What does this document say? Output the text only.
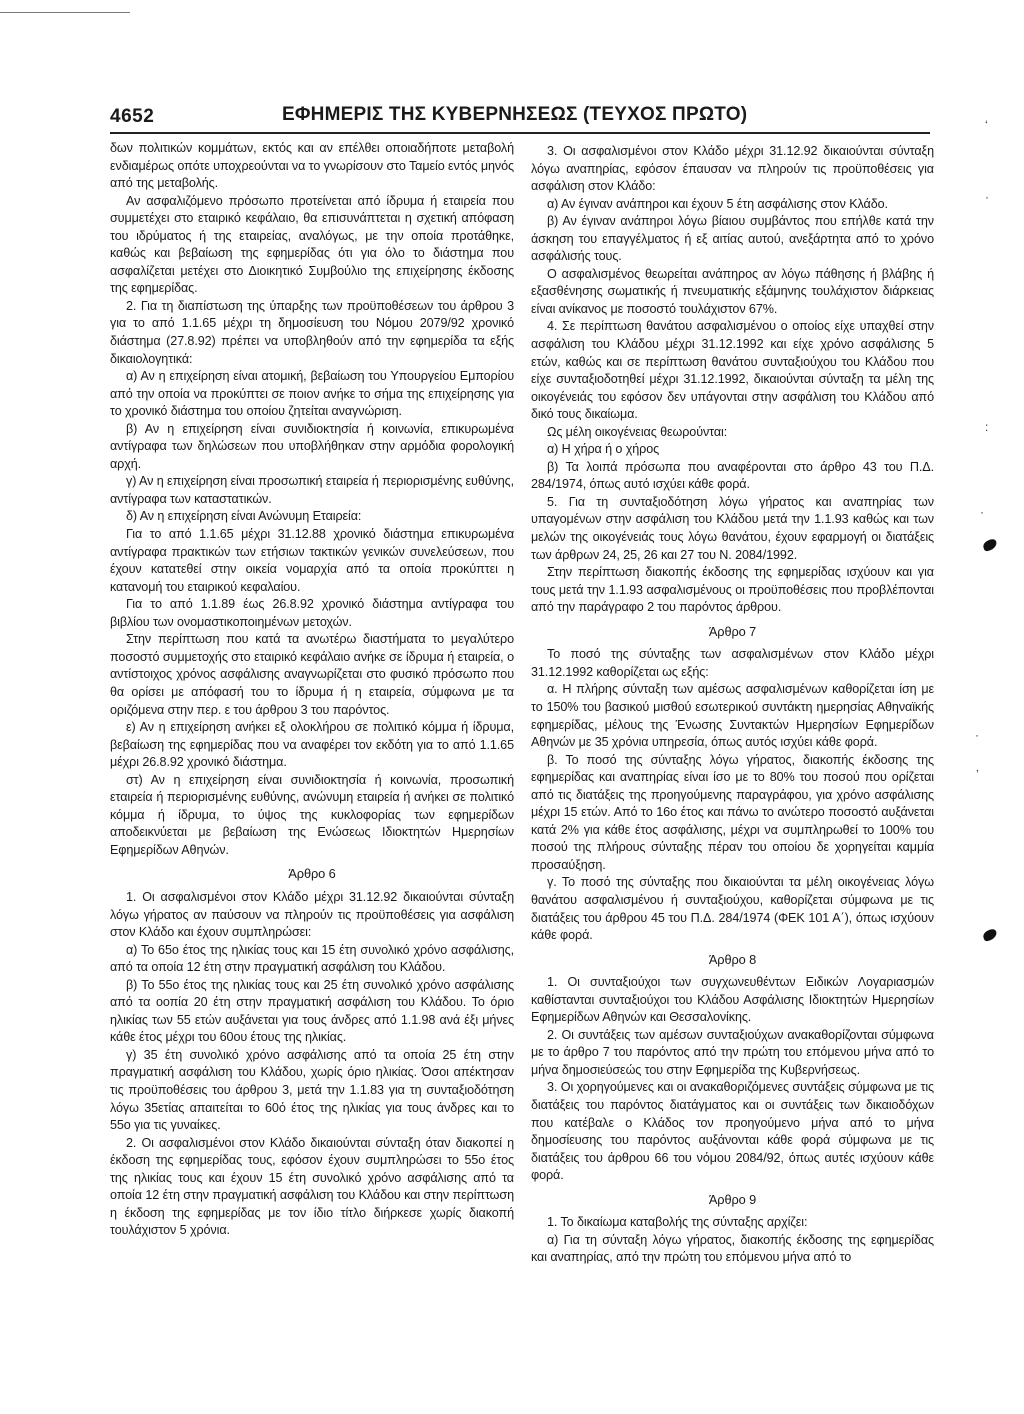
4652	ΕΦΗΜΕΡΙΣ ΤΗΣ ΚΥΒΕΡΝΗΣΕΩΣ (ΤΕΥΧΟΣ ΠΡΩΤΟ)

δων πολιτικών κομμάτων, εκτός και αν επέλθει οποιαδήποτε μεταβολή ενδιαμέρως οπότε υποχρεούνται να το γνωρίσουν στο Ταμείο εντός μηνός από της μεταβολής.

Αν ασφαλιζόμενο πρόσωπο προτείνεται από ίδρυμα ή εταιρεία που συμμετέχει στο εταιρικό κεφάλαιο, θα επισυνάπτεται η σχετική απόφαση του ιδρύματος ή της εταιρείας, αναλόγως, με την οποία προτάθηκε, καθώς και βεβαίωση της εφημερίδας ότι για όλο το διάστημα που ασφαλίζεται μετέχει στο Διοικητικό Συμβούλιο της επιχείρησης έκδοσης της εφημερίδας.

2. Για τη διαπίστωση της ύπαρξης των προϋποθέσεων του άρθρου 3 για το από 1.1.65 μέχρι τη δημοσίευση του Νόμου 2079/92 χρονικό διάστημα (27.8.92) πρέπει να υποβληθούν από την εφημερίδα τα εξής δικαιολογητικά:

α) Αν η επιχείρηση είναι ατομική, βεβαίωση του Υπουργείου Εμπορίου από την οποία να προκύπτει σε ποιον ανήκε το σήμα της επιχείρησης για το χρονικό διάστημα του οποίου ζητείται αναγνώριση.

β) Αν η επιχείρηση είναι συνιδιοκτησία ή κοινωνία, επικυρωμένα αντίγραφα των δηλώσεων που υποβλήθηκαν στην αρμόδια φορολογική αρχή.

γ) Αν η επιχείρηση είναι προσωπική εταιρεία ή περιορισμένης ευθύνης, αντίγραφα των καταστατικών.

δ) Αν η επιχείρηση είναι Ανώνυμη Εταιρεία:

Για το από 1.1.65 μέχρι 31.12.88 χρονικό διάστημα επικυρωμένα αντίγραφα πρακτικών των ετήσιων τακτικών γενικών συνελεύσεων, που έχουν κατατεθεί στην οικεία νομαρχία από τα οποία προκύπτει η κατανομή του εταιρικού κεφαλαίου.

Για το από 1.1.89 έως 26.8.92 χρονικό διάστημα αντίγραφα του βιβλίου των ονομαστικοποιημένων μετοχών.

Στην περίπτωση που κατά τα ανωτέρω διαστήματα το μεγαλύτερο ποσοστό συμμετοχής στο εταιρικό κεφάλαιο ανήκε σε ίδρυμα ή εταιρεία, ο αντίστοιχος χρόνος ασφάλισης αναγνωρίζεται στο φυσικό πρόσωπο που θα ορίσει με απόφασή του το ίδρυμα ή η εταιρεία, σύμφωνα με τα οριζόμενα στην περ. ε του άρθρου 3 του παρόντος.

ε) Αν η επιχείρηση ανήκει εξ ολοκλήρου σε πολιτικό κόμμα ή ίδρυμα, βεβαίωση της εφημερίδας που να αναφέρει τον εκδότη για το από 1.1.65 μέχρι 26.8.92 χρονικό διάστημα.

στ) Αν η επιχείρηση είναι συνιδιοκτησία ή κοινωνία, προσωπική εταιρεία ή περιορισμένης ευθύνης, ανώνυμη εταιρεία ή ανήκει σε πολιτικό κόμμα ή ίδρυμα, το ύψος της κυκλοφορίας των εφημερίδων αποδεικνύεται με βεβαίωση της Ενώσεως Ιδιοκτητών Ημερησίων Εφημερίδων Αθηνών.

Άρθρο 6

1. Οι ασφαλισμένοι στον Κλάδο μέχρι 31.12.92 δικαιούνται σύνταξη λόγω γήρατος αν παύσουν να πληρούν τις προϋποθέσεις για ασφάλιση στον Κλάδο και έχουν συμπληρώσει:

α) Το 65ο έτος της ηλικίας τους και 15 έτη συνολικό χρόνο ασφάλισης, από τα οποία 12 έτη στην πραγματική ασφάλιση του Κλάδου.

β) Το 55ο έτος της ηλικίας τους και 25 έτη συνολικό χρόνο ασφάλισης από τα οοπία 20 έτη στην πραγματική ασφάλιση του Κλάδου. Το όριο ηλικίας των 55 ετών αυξάνεται για τους άνδρες από 1.1.98 ανά έξι μήνες κάθε έτος μέχρι του 60ου έτους της ηλικίας.

γ) 35 έτη συνολικό χρόνο ασφάλισης από τα οποία 25 έτη στην πραγματική ασφάλιση του Κλάδου, χωρίς όριο ηλικίας. Όσοι απέκτησαν τις προϋποθέσεις του άρθρου 3, μετά την 1.1.83 για τη συνταξιοδότηση λόγω 35ετίας απαιτείται το 60ό έτος της ηλικίας για τους άνδρες και το 55ο για τις γυναίκες.

2. Οι ασφαλισμένοι στον Κλάδο δικαιούνται σύνταξη όταν διακοπεί η έκδοση της εφημερίδας τους, εφόσον έχουν συμπληρώσει το 55ο έτος της ηλικίας τους και έχουν 15 έτη συνολικό χρόνο ασφάλισης από τα οποία 12 έτη στην πραγματική ασφάλιση του Κλάδου και στην περίπτωση η έκδοση της εφημερίδας με τον ίδιο τίτλο διήρκεσε χωρίς διακοπή τουλάχιστον 5 χρόνια.

3. Οι ασφαλισμένοι στον Κλάδο μέχρι 31.12.92 δικαιούνται σύνταξη λόγω αναπηρίας, εφόσον έπαυσαν να πληρούν τις προϋποθέσεις για ασφάλιση στον Κλάδο:

α) Αν έγιναν ανάπηροι και έχουν 5 έτη ασφάλισης στον Κλάδο.

β) Αν έγιναν ανάπηροι λόγω βίαιου συμβάντος που επήλθε κατά την άσκηση του επαγγέλματος ή εξ αιτίας αυτού, ανεξάρτητα από το χρόνο ασφάλισής τους.

Ο ασφαλισμένος θεωρείται ανάπηρος αν λόγω πάθησης ή βλάβης ή εξασθένησης σωματικής ή πνευματικής εξάμηνης τουλάχιστον διάρκειας είναι ανίκανος με ποσοστό τουλάχιστον 67%.

4. Σε περίπτωση θανάτου ασφαλισμένου ο οποίος είχε υπαχθεί στην ασφάλιση του Κλάδου μέχρι 31.12.1992 και είχε χρόνο ασφάλισης 5 ετών, καθώς και σε περίπτωση θανάτου συνταξιούχου του Κλάδου που είχε συνταξιοδοτηθεί μέχρι 31.12.1992, δικαιούνται σύνταξη τα μέλη της οικογένειάς του εφόσον δεν υπάγονται στην ασφάλιση του Κλάδου από δικό τους δικαίωμα.

Ως μέλη οικογένειας θεωρούνται:

α) Η χήρα ή ο χήρος

β) Τα λοιπά πρόσωπα που αναφέρονται στο άρθρο 43 του Π.Δ. 284/1974, όπως αυτό ισχύει κάθε φορά.

5. Για τη συνταξιοδότηση λόγω γήρατος και αναπηρίας των υπαγομένων στην ασφάλιση του Κλάδου μετά την 1.1.93 καθώς και των μελών της οικογένειάς τους λόγω θανάτου, έχουν εφαρμογή οι διατάξεις των άρθρων 24, 25, 26 και 27 του Ν. 2084/1992.

Στην περίπτωση διακοπής έκδοσης της εφημερίδας ισχύουν και για τους μετά την 1.1.93 ασφαλισμένους οι προϋποθέσεις που προβλέπονται από την παράγραφο 2 του παρόντος άρθρου.

Άρθρο 7

Το ποσό της σύνταξης των ασφαλισμένων στον Κλάδο μέχρι 31.12.1992 καθορίζεται ως εξής:

α. Η πλήρης σύνταξη των αμέσως ασφαλισμένων καθορίζεται ίση με το 150% του βασικού μισθού εσωτερικού συντάκτη ημερησίας Αθηναϊκής εφημερίδας, μέλους της Ένωσης Συντακτών Ημερησίων Εφημερίδων Αθηνών με 35 χρόνια υπηρεσία, όπως αυτός ισχύει κάθε φορά.

β. Το ποσό της σύνταξης λόγω γήρατος, διακοπής έκδοσης της εφημερίδας και αναπηρίας είναι ίσο με το 80% του ποσού που ορίζεται από τις διατάξεις της προηγούμενης παραγράφου, για χρόνο ασφάλισης μέχρι 15 ετών. Από το 16ο έτος και πάνω το ανώτερο ποσοστό αυξάνεται κατά 2% για κάθε έτος ασφάλισης, μέχρι να συμπληρωθεί το 100% του ποσού της πλήρους σύνταξης πέραν του οποίου δε χορηγείται καμμία προσαύξηση.

γ. Το ποσό της σύνταξης που δικαιούνται τα μέλη οικογένειας λόγω θανάτου ασφαλισμένου ή συνταξιούχου, καθορίζεται σύμφωνα με τις διατάξεις του άρθρου 45 του Π.Δ. 284/1974 (ΦΕΚ 101 Α΄), όπως ισχύουν κάθε φορά.

Άρθρο 8

1. Οι συνταξιούχοι των συγχωνευθέντων Ειδικών Λογαριασμών καθίστανται συνταξιούχοι του Κλάδου Ασφάλισης Ιδιοκτητών Ημερησίων Εφημερίδων Αθηνών και Θεσσαλονίκης.

2. Οι συντάξεις των αμέσων συνταξιούχων ανακαθορίζονται σύμφωνα με το άρθρο 7 του παρόντος από την πρώτη του επόμενου μήνα από το μήνα δημοσιεύσεώς του στην Εφημερίδα της Κυβερνήσεως.

3. Οι χορηγούμενες και οι ανακαθοριζόμενες συντάξεις σύμφωνα με τις διατάξεις του παρόντος διατάγματος και οι συντάξεις των δικαιοδόχων που κατέβαλε ο Κλάδος τον προηγούμενο μήνα από το μήνα δημοσίευσης του παρόντος αυξάνονται κάθε φορά σύμφωνα με τις διατάξεις του άρθρου 66 του νόμου 2084/92, όπως αυτές ισχύουν κάθε φορά.

Άρθρο 9

1. Το δικαίωμα καταβολής της σύνταξης αρχίζει:

α) Για τη σύνταξη λόγω γήρατος, διακοπής έκδοσης της εφημερίδας και αναπηρίας, από την πρώτη του επόμενου μήνα από το

‘
·
:
·
·
‚
